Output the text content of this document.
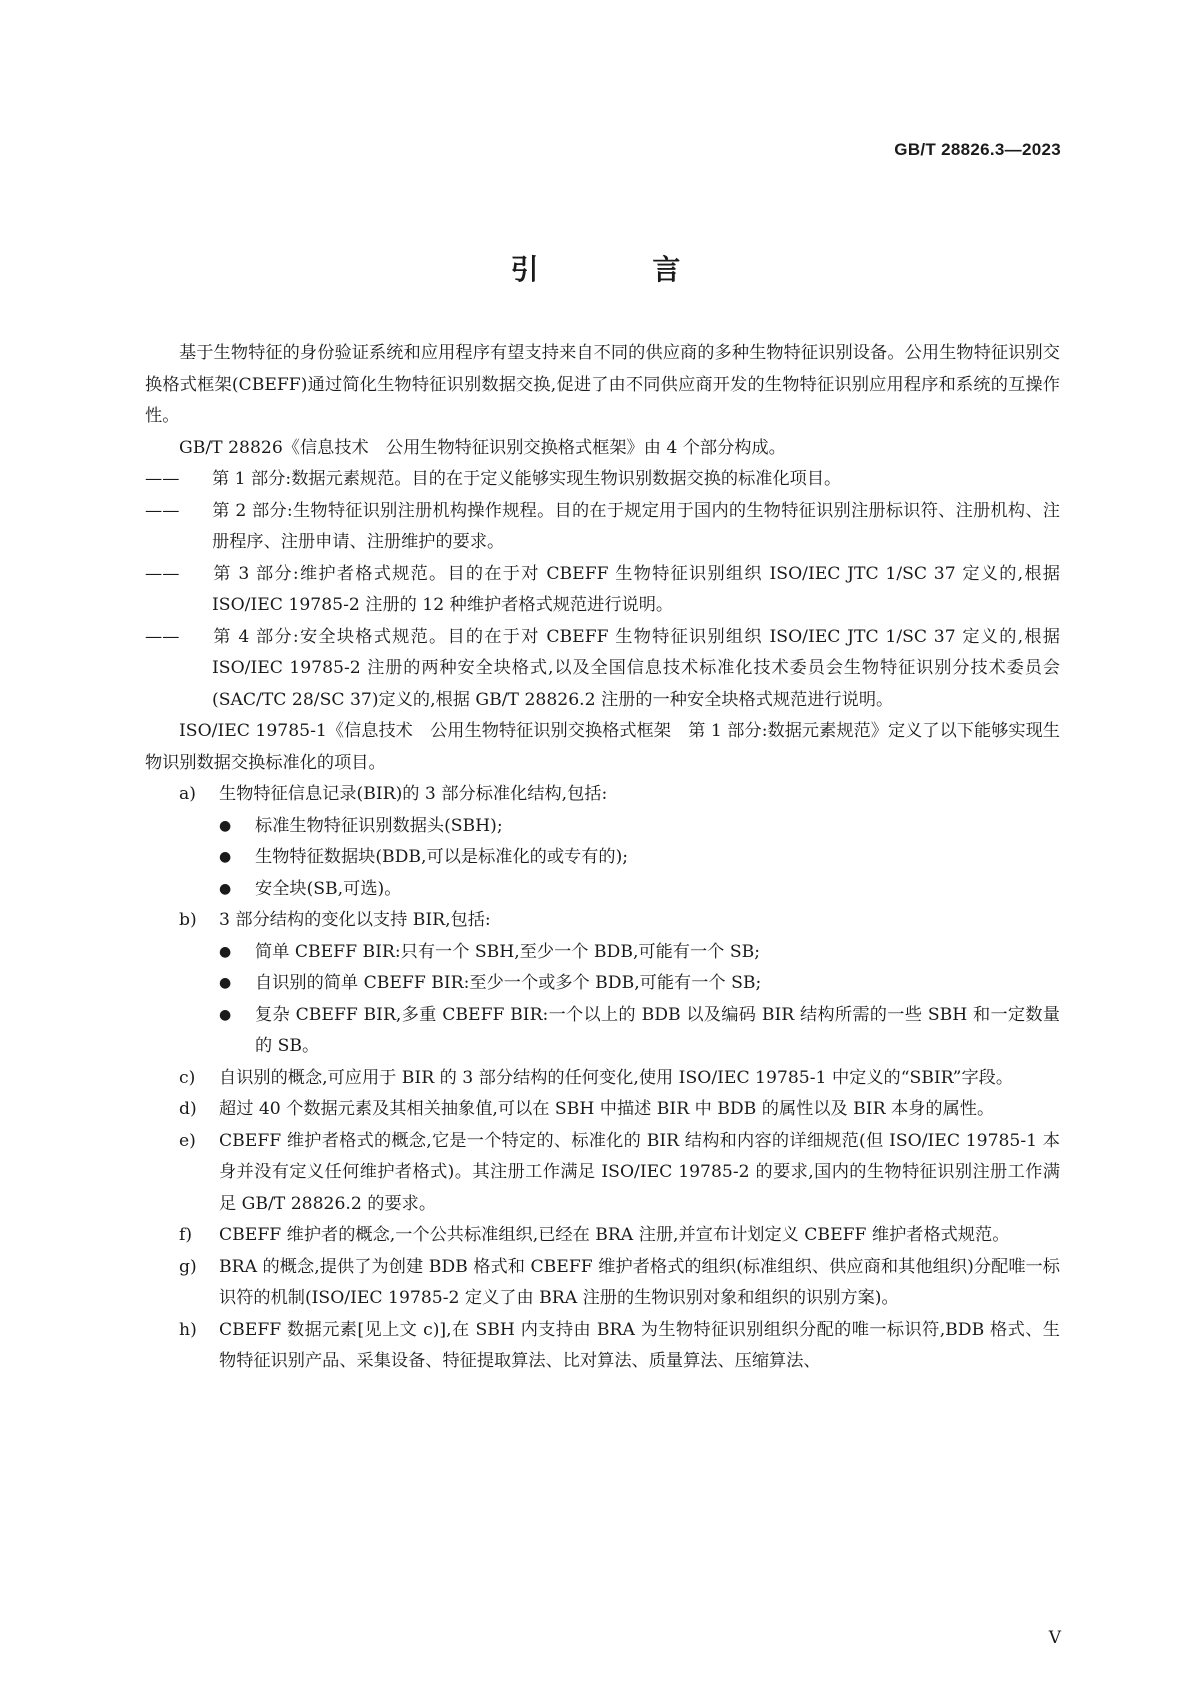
GB/T 28826.3—2023
引 言

基于生物特征的身份验证系统和应用程序有望支持来自不同的供应商的多种生物特征识别设备。公用生物特征识别交换格式框架(CBEFF)通过简化生物特征识别数据交换,促进了由不同供应商开发的生物特征识别应用程序和系统的互操作性。

GB/T 28826《信息技术　公用生物特征识别交换格式框架》由 4 个部分构成。

—— 第 1 部分:数据元素规范。目的在于定义能够实现生物识别数据交换的标准化项目。

—— 第 2 部分:生物特征识别注册机构操作规程。目的在于规定用于国内的生物特征识别注册标识符、注册机构、注册程序、注册申请、注册维护的要求。

—— 第 3 部分:维护者格式规范。目的在于对 CBEFF 生物特征识别组织 ISO/IEC JTC 1/SC 37 定义的,根据 ISO/IEC 19785-2 注册的 12 种维护者格式规范进行说明。

—— 第 4 部分:安全块格式规范。目的在于对 CBEFF 生物特征识别组织 ISO/IEC JTC 1/SC 37 定义的,根据 ISO/IEC 19785-2 注册的两种安全块格式,以及全国信息技术标准化技术委员会生物特征识别分技术委员会(SAC/TC 28/SC 37)定义的,根据 GB/T 28826.2 注册的一种安全块格式规范进行说明。

ISO/IEC 19785-1《信息技术　公用生物特征识别交换格式框架　第 1 部分:数据元素规范》定义了以下能够实现生物识别数据交换标准化的项目。

a) 生物特征信息记录(BIR)的 3 部分标准化结构,包括:

● 标准生物特征识别数据头(SBH);

● 生物特征数据块(BDB,可以是标准化的或专有的);

● 安全块(SB,可选)。

b) 3 部分结构的变化以支持 BIR,包括:

● 简单 CBEFF BIR:只有一个 SBH,至少一个 BDB,可能有一个 SB;

● 自识别的简单 CBEFF BIR:至少一个或多个 BDB,可能有一个 SB;

● 复杂 CBEFF BIR,多重 CBEFF BIR:一个以上的 BDB 以及编码 BIR 结构所需的一些 SBH 和一定数量的 SB。

c) 自识别的概念,可应用于 BIR 的 3 部分结构的任何变化,使用 ISO/IEC 19785-1 中定义的“SBIR”字段。

d) 超过 40 个数据元素及其相关抽象值,可以在 SBH 中描述 BIR 中 BDB 的属性以及 BIR 本身的属性。

e) CBEFF 维护者格式的概念,它是一个特定的、标准化的 BIR 结构和内容的详细规范(但 ISO/IEC 19785-1 本身并没有定义任何维护者格式)。其注册工作满足 ISO/IEC 19785-2 的要求,国内的生物特征识别注册工作满足 GB/T 28826.2 的要求。

f) CBEFF 维护者的概念,一个公共标准组织,已经在 BRA 注册,并宣布计划定义 CBEFF 维护者格式规范。

g) BRA 的概念,提供了为创建 BDB 格式和 CBEFF 维护者格式的组织(标准组织、供应商和其他组织)分配唯一标识符的机制(ISO/IEC 19785-2 定义了由 BRA 注册的生物识别对象和组织的识别方案)。

h) CBEFF 数据元素[见上文 c)],在 SBH 内支持由 BRA 为生物特征识别组织分配的唯一标识符,BDB 格式、生物特征识别产品、采集设备、特征提取算法、比对算法、质量算法、压缩算法、

V
